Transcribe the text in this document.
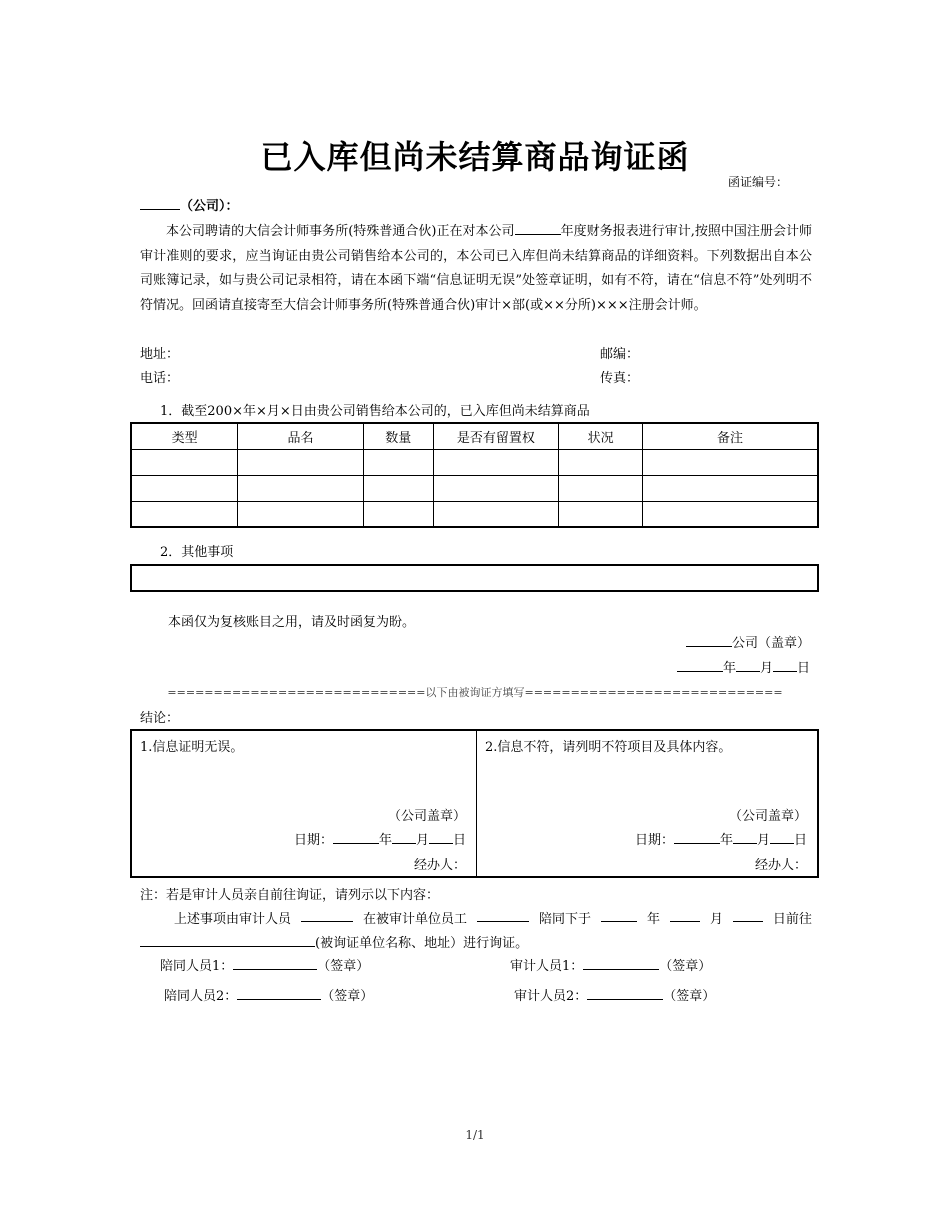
已入库但尚未结算商品询证函
函证编号：
（公司）：
本公司聘请的大信会计师事务所(特殊普通合伙)正在对本公司	年度财务报表进行审计,按照中国注册会计师审计准则的要求，应当询证由贵公司销售给本公司的，本公司已入库但尚未结算商品的详细资料。下列数据出自本公司账簿记录，如与贵公司记录相符，请在本函下端“信息证明无误”处签章证明，如有不符，请在“信息不符”处列明不符情况。回函请直接寄至大信会计师事务所(特殊普通合伙)审计×部(或××分所)×××注册会计师。
地址：	邮编：
电话：	传真：
1．截至200×年×月×日由贵公司销售给本公司的，已入库但尚未结算商品
类型	品名	数量	是否有留置权	状况	备注

2．其他事项
本函仅为复核账目之用，请及时函复为盼。
公司（盖章）
年 月 日
============================以下由被询证方填写============================
结论：
1.信息证明无误。
（公司盖章）
日期：	年 月 日
经办人：
2.信息不符，请列明不符项目及具体内容。
（公司盖章）
日期：	年 月 日
经办人：
注：若是审计人员亲自前往询证，请列示以下内容：
上述事项由审计人员	在被审计单位员工	陪同下于	年	月	日前往
(被询证单位名称、地址）进行询证。
陪同人员1：	（签章）	审计人员1：	（签章）
陪同人员2：	（签章）	审计人员2：	（签章）
1/1
